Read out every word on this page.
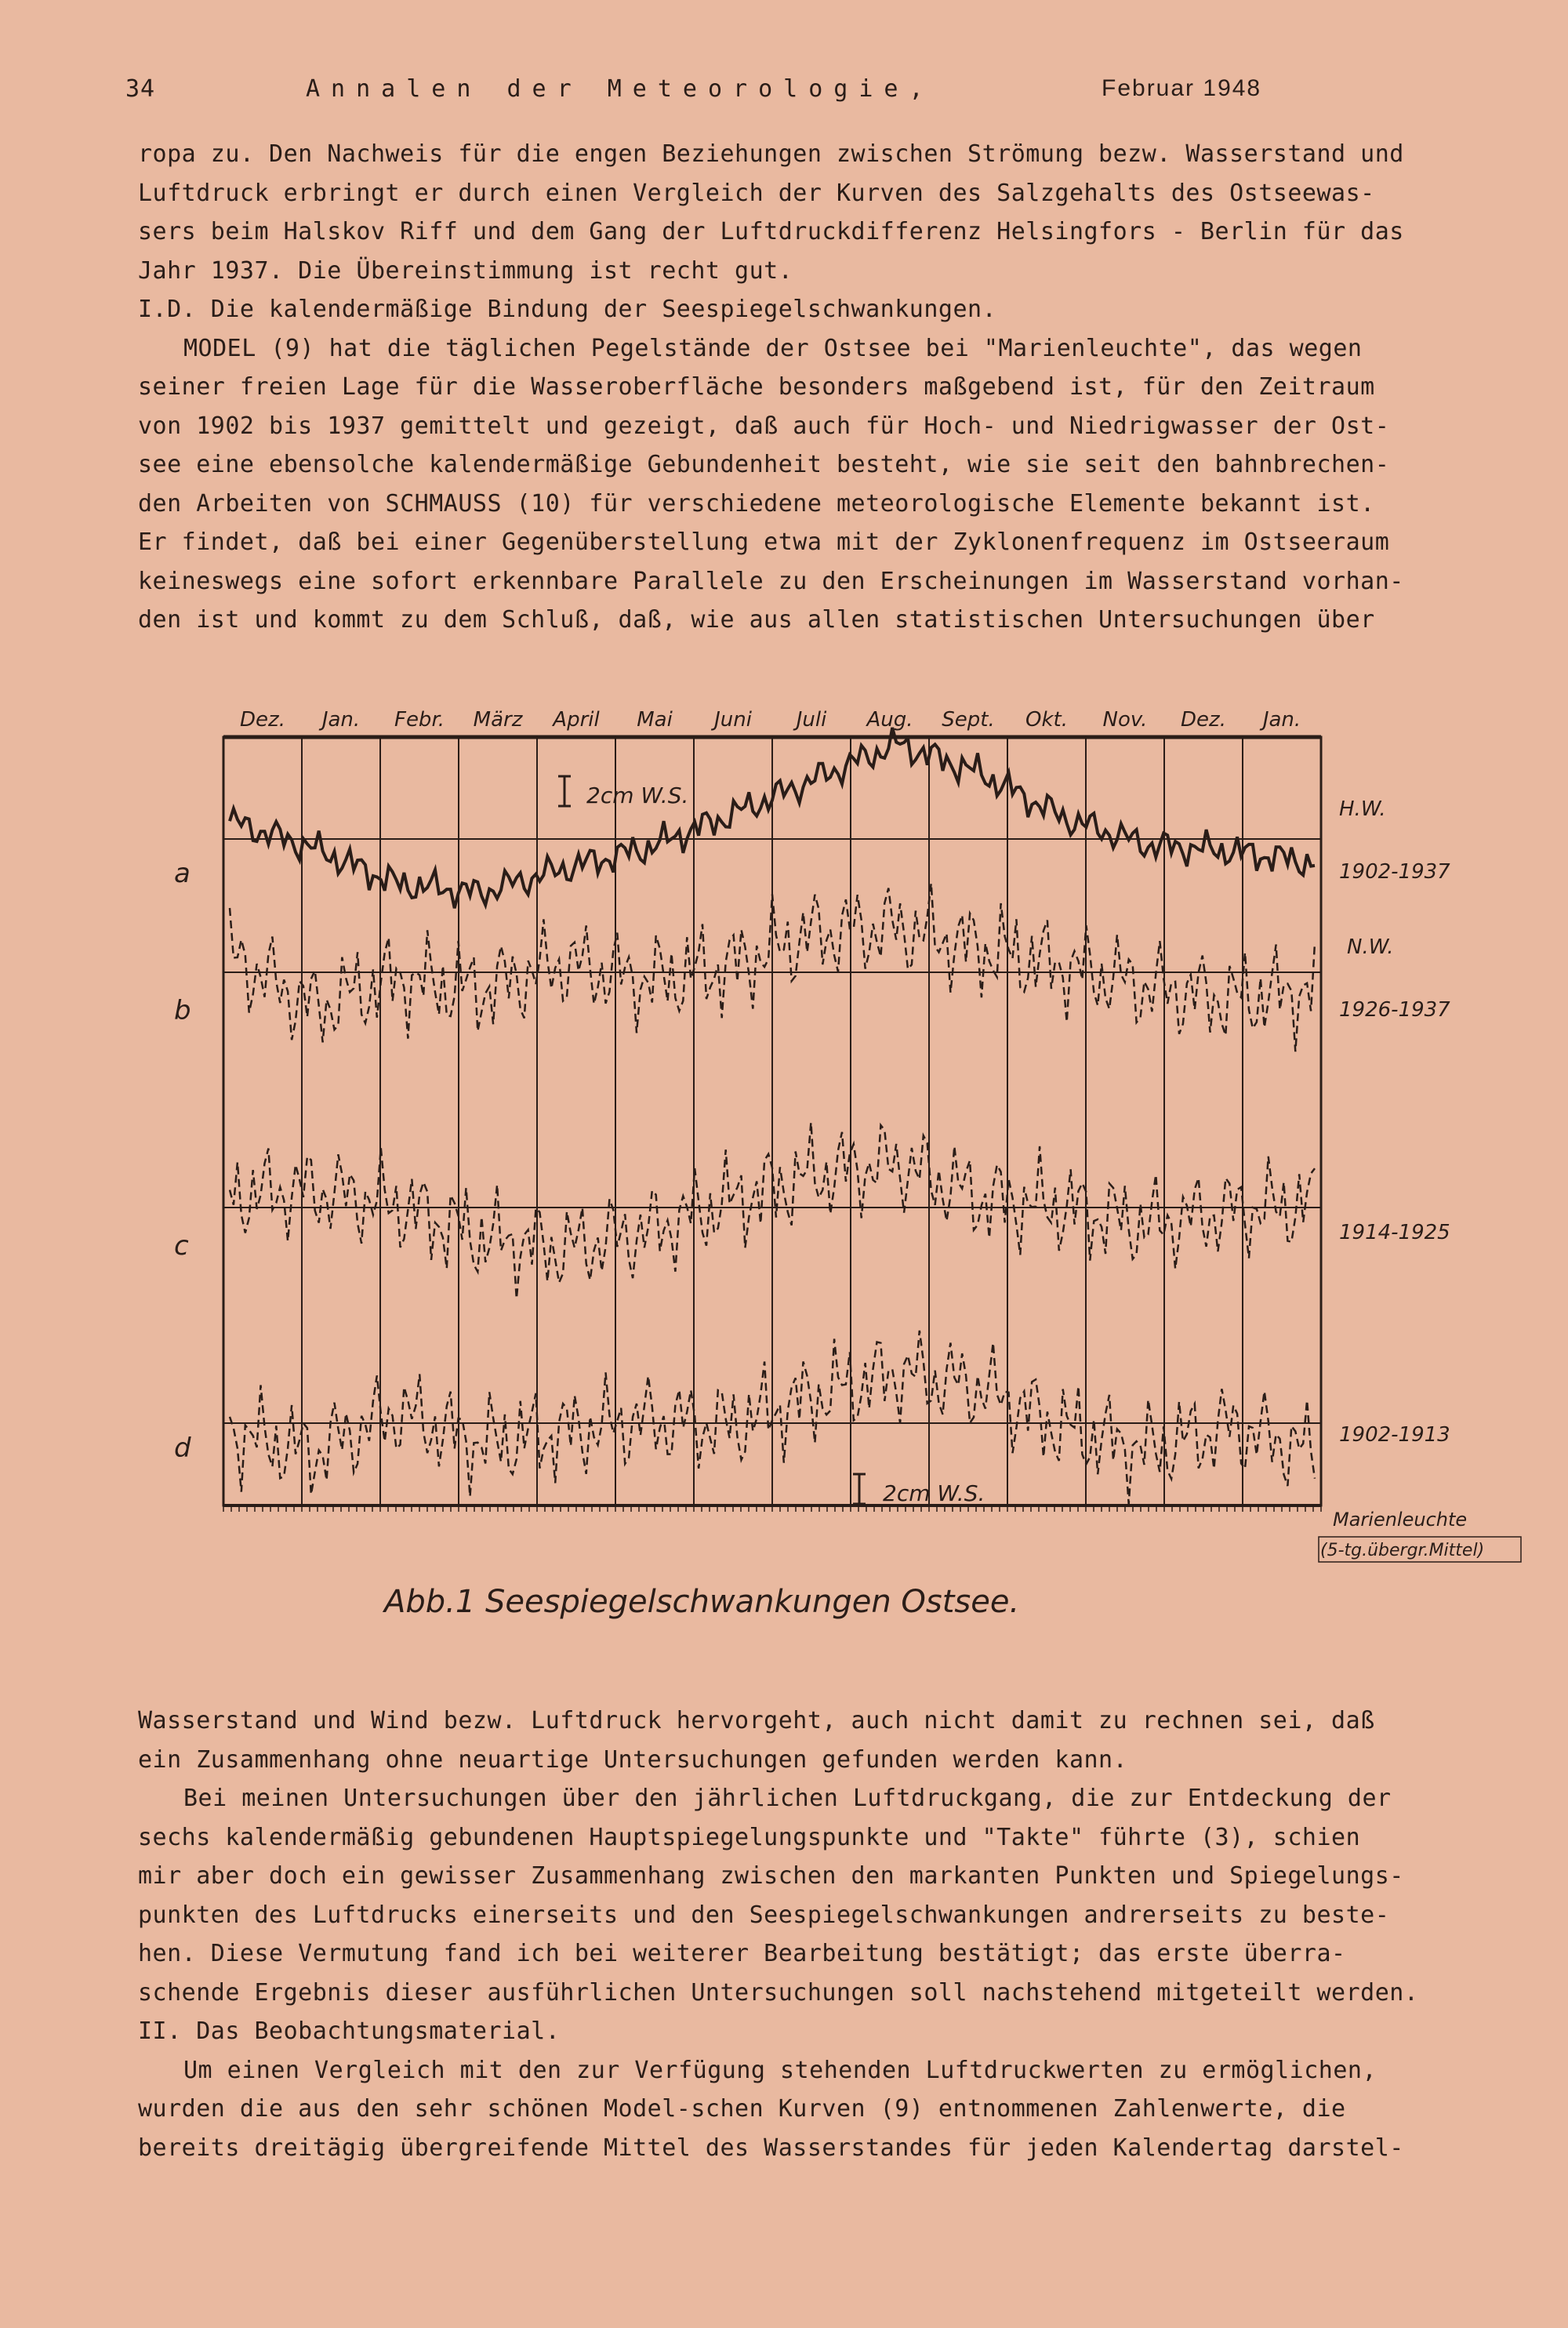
34	Annalen der Meteorologie,	Februar 1948
ropa zu. Den Nachweis für die engen Beziehungen zwischen Strömung bezw. Wasserstand und
Luftdruck erbringt er durch einen Vergleich der Kurven des Salzgehalts des Ostseewas-
sers beim Halskov Riff und dem Gang der Luftdruckdifferenz Helsingfors - Berlin für das
Jahr 1937. Die Übereinstimmung ist recht gut.
I.D. Die kalendermäßige Bindung der Seespiegelschwankungen.
MODEL (9) hat die täglichen Pegelstände der Ostsee bei "Marienleuchte", das wegen
seiner freien Lage für die Wasseroberfläche besonders maßgebend ist, für den Zeitraum
von 1902 bis 1937 gemittelt und gezeigt, daß auch für Hoch- und Niedrigwasser der Ost-
see eine ebensolche kalendermäßige Gebundenheit besteht, wie sie seit den bahnbrechen-
den Arbeiten von SCHMAUSS (10) für verschiedene meteorologische Elemente bekannt ist.
Er findet, daß bei einer Gegenüberstellung etwa mit der Zyklonenfrequenz im Ostseeraum
keineswegs eine sofort erkennbare Parallele zu den Erscheinungen im Wasserstand vorhan-
den ist und kommt zu dem Schluß, daß, wie aus allen statistischen Untersuchungen über
Dez. Jan. Febr. März April Mai Juni Juli Aug. Sept. Okt. Nov. Dez. Jan.
2cm W.S.
2cm W.S.
a
b
c
d
H.W.
1902-1937
N.W.
1926-1937
1914-1925
1902-1913
Marienleuchte
(5-tg.übergr.Mittel)
Abb.1 Seespiegelschwankungen Ostsee.
Wasserstand und Wind bezw. Luftdruck hervorgeht, auch nicht damit zu rechnen sei, daß
ein Zusammenhang ohne neuartige Untersuchungen gefunden werden kann.
Bei meinen Untersuchungen über den jährlichen Luftdruckgang, die zur Entdeckung der
sechs kalendermäßig gebundenen Hauptspiegelungspunkte und "Takte" führte (3), schien
mir aber doch ein gewisser Zusammenhang zwischen den markanten Punkten und Spiegelungs-
punkten des Luftdrucks einerseits und den Seespiegelschwankungen andrerseits zu beste-
hen. Diese Vermutung fand ich bei weiterer Bearbeitung bestätigt; das erste überra-
schende Ergebnis dieser ausführlichen Untersuchungen soll nachstehend mitgeteilt werden.
II. Das Beobachtungsmaterial.
Um einen Vergleich mit den zur Verfügung stehenden Luftdruckwerten zu ermöglichen,
wurden die aus den sehr schönen Model-schen Kurven (9) entnommenen Zahlenwerte, die
bereits dreitägig übergreifende Mittel des Wasserstandes für jeden Kalendertag darstel-
